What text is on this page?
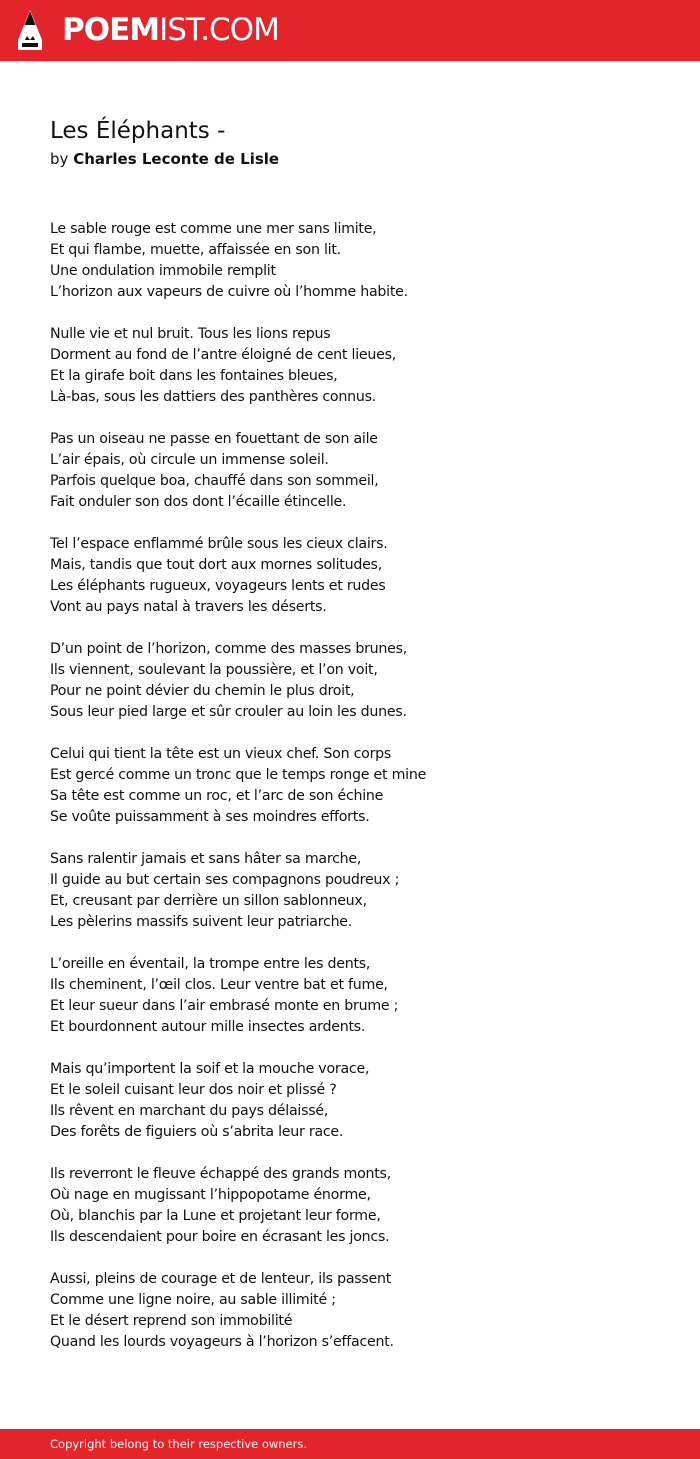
POEMIST.COM
Les Éléphants -
by Charles Leconte de Lisle
Le sable rouge est comme une mer sans limite,
Et qui flambe, muette, affaissée en son lit.
Une ondulation immobile remplit
L’horizon aux vapeurs de cuivre où l’homme habite.
Nulle vie et nul bruit. Tous les lions repus
Dorment au fond de l’antre éloigné de cent lieues,
Et la girafe boit dans les fontaines bleues,
Là-bas, sous les dattiers des panthères connus.
Pas un oiseau ne passe en fouettant de son aile
L’air épais, où circule un immense soleil.
Parfois quelque boa, chauffé dans son sommeil,
Fait onduler son dos dont l’écaille étincelle.
Tel l’espace enflammé brûle sous les cieux clairs.
Mais, tandis que tout dort aux mornes solitudes,
Les éléphants rugueux, voyageurs lents et rudes
Vont au pays natal à travers les déserts.
D’un point de l’horizon, comme des masses brunes,
Ils viennent, soulevant la poussière, et l’on voit,
Pour ne point dévier du chemin le plus droit,
Sous leur pied large et sûr crouler au loin les dunes.
Celui qui tient la tête est un vieux chef. Son corps
Est gercé comme un tronc que le temps ronge et mine
Sa tête est comme un roc, et l’arc de son échine
Se voûte puissamment à ses moindres efforts.
Sans ralentir jamais et sans hâter sa marche,
Il guide au but certain ses compagnons poudreux ;
Et, creusant par derrière un sillon sablonneux,
Les pèlerins massifs suivent leur patriarche.
L’oreille en éventail, la trompe entre les dents,
Ils cheminent, l’œil clos. Leur ventre bat et fume,
Et leur sueur dans l’air embrasé monte en brume ;
Et bourdonnent autour mille insectes ardents.
Mais qu’importent la soif et la mouche vorace,
Et le soleil cuisant leur dos noir et plissé ?
Ils rêvent en marchant du pays délaissé,
Des forêts de figuiers où s’abrita leur race.
Ils reverront le fleuve échappé des grands monts,
Où nage en mugissant l’hippopotame énorme,
Où, blanchis par la Lune et projetant leur forme,
Ils descendaient pour boire en écrasant les joncs.
Aussi, pleins de courage et de lenteur, ils passent
Comme une ligne noire, au sable illimité ;
Et le désert reprend son immobilité
Quand les lourds voyageurs à l’horizon s’effacent.
Copyright belong to their respective owners.
